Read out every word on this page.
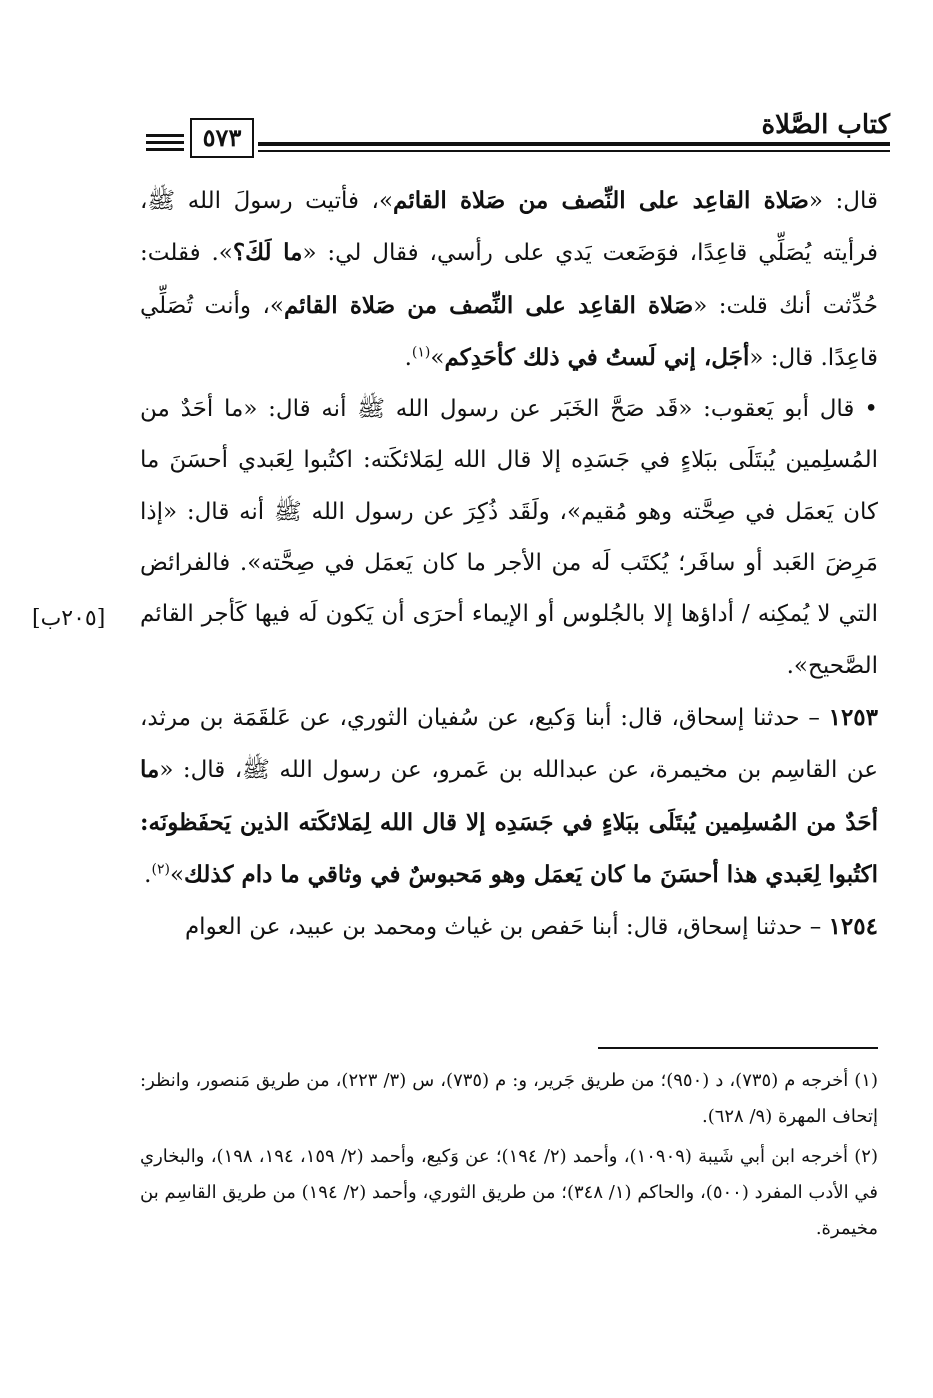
كتاب الصَّلاة
٥٧٣

قال: «صَلاة القاعِد على النِّصف من صَلاة القائم»، فأتيت رسولَ الله ﷺ، فرأيته يُصَلِّي قاعِدًا، فوَضَعت يَدي على رأسي، فقال لي: «ما لَكَ؟». فقلت: حُدِّثت أنك قلت: «صَلاة القاعِد على النِّصف من صَلاة القائم»، وأنت تُصَلِّي قاعِدًا. قال: «أجَل، إني لَستُ في ذلك كأحَدِكم»$^{(١)}$.

•قال أبو يَعقوب: «قَد صَحَّ الخَبَر عن رسول الله ﷺ أنه قال: «ما أحَدٌ من المُسلِمين يُبتَلَى ببَلاءٍ في جَسَدِه إلا قال الله لِمَلائكَته: اكتُبوا لِعَبدي أحسَنَ ما كان يَعمَل في صِحَّته وهو مُقيم»، ولَقَد ذُكِرَ عن رسول الله ﷺ أنه قال: «إذا مَرِضَ العَبد أو سافَر؛ يُكتَب لَه من الأجر ما كان يَعمَل في صِحَّته». فالفرائض التي لا يُمكِنه / أداؤها إلا بالجُلوس أو الإيماء أحرَى أن يَكون لَه فيها كَأجر القائم الصَّحيح».

١٢٥٣ – حدثنا إسحاق، قال: أبنا وَكيع، عن سُفيان الثوري، عن عَلقَمَة بن مرثد، عن القاسِم بن مخيمرة، عن عبدالله بن عَمرو، عن رسول الله ﷺ، قال: «ما أحَدٌ من المُسلِمين يُبتَلَى ببَلاءٍ في جَسَدِه إلا قال الله لِمَلائكَته الذين يَحفَظونَه: اكتُبوا لِعَبدي هذا أحسَنَ ما كان يَعمَل وهو مَحبوسٌ في وثاقي ما دام كذلك»$^{(٢)}$.

١٢٥٤ – حدثنا إسحاق، قال: أبنا حَفص بن غياث ومحمد بن عبيد، عن العوام

[٢٠٥ب]

(١) أخرجه م (٧٣٥)، د (٩٥٠)؛ من طريق جَرير، و: م (٧٣٥)، س (٣/ ٢٢٣)، من طريق مَنصور، وانظر: إتحاف المهرة (٩/ ٦٢٨).

(٢) أخرجه ابن أبي شَيبة (١٠٩٠٩)، وأحمد (٢/ ١٩٤)؛ عن وَكيع، وأحمد (٢/ ١٥٩، ١٩٤، ١٩٨)، والبخاري في الأدب المفرد (٥٠٠)، والحاكم (١/ ٣٤٨)؛ من طريق الثوري، وأحمد (٢/ ١٩٤) من طريق القاسِم بن مخيمرة.
